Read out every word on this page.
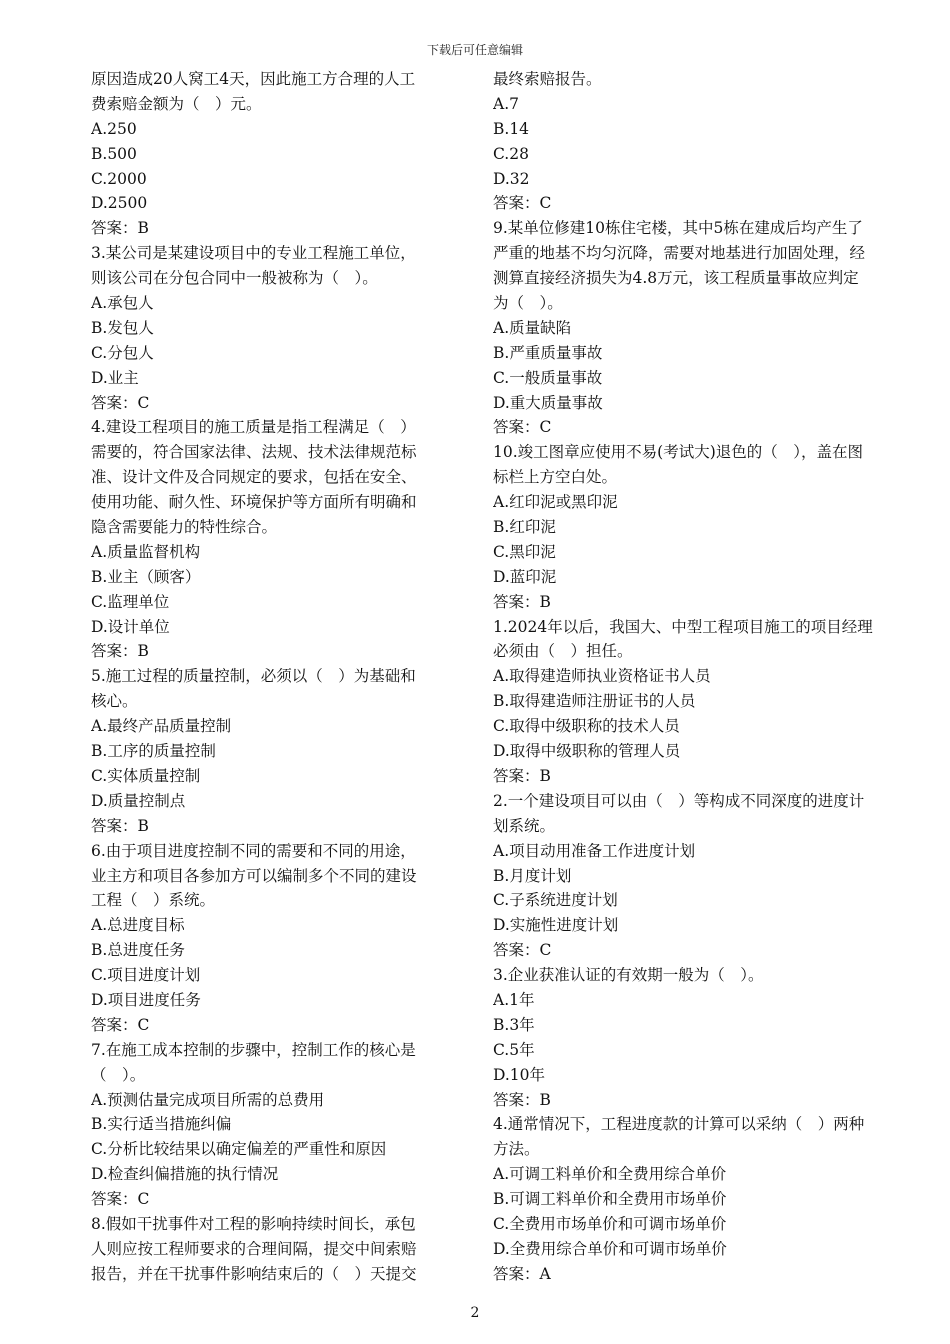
下载后可任意编辑
原因造成20人窝工4天，因此施工方合理的人工
费索赔金额为（　）元。
A.250
B.500
C.2000
D.2500
答案：B
3.某公司是某建设项目中的专业工程施工单位，
则该公司在分包合同中一般被称为（　）。
A.承包人
B.发包人
C.分包人
D.业主
答案：C
4.建设工程项目的施工质量是指工程满足（　）
需要的，符合国家法律、法规、技术法律规范标
准、设计文件及合同规定的要求，包括在安全、
使用功能、耐久性、环境保护等方面所有明确和
隐含需要能力的特性综合。
A.质量监督机构
B.业主（顾客）
C.监理单位
D.设计单位
答案：B
5.施工过程的质量控制，必须以（　）为基础和
核心。
A.最终产品质量控制
B.工序的质量控制
C.实体质量控制
D.质量控制点
答案：B
6.由于项目进度控制不同的需要和不同的用途，
业主方和项目各参加方可以编制多个不同的建设
工程（　）系统。
A.总进度目标
B.总进度任务
C.项目进度计划
D.项目进度任务
答案：C
7.在施工成本控制的步骤中，控制工作的核心是
（　）。
A.预测估量完成项目所需的总费用
B.实行适当措施纠偏
C.分析比较结果以确定偏差的严重性和原因
D.检查纠偏措施的执行情况
答案：C
8.假如干扰事件对工程的影响持续时间长，承包
人则应按工程师要求的合理间隔，提交中间索赔
报告，并在干扰事件影响结束后的（　）天提交
最终索赔报告。
A.7
B.14
C.28
D.32
答案：C
9.某单位修建10栋住宅楼，其中5栋在建成后均产生了
严重的地基不均匀沉降，需要对地基进行加固处理，经
测算直接经济损失为4.8万元，该工程质量事故应判定
为（　）。
A.质量缺陷
B.严重质量事故
C.一般质量事故
D.重大质量事故
答案：C
10.竣工图章应使用不易(考试大)退色的（　），盖在图
标栏上方空白处。
A.红印泥或黑印泥
B.红印泥
C.黑印泥
D.蓝印泥
答案：B
1.2024年以后，我国大、中型工程项目施工的项目经理
必须由（　）担任。
A.取得建造师执业资格证书人员
B.取得建造师注册证书的人员
C.取得中级职称的技术人员
D.取得中级职称的管理人员
答案：B
2.一个建设项目可以由（　）等构成不同深度的进度计
划系统。
A.项目动用准备工作进度计划
B.月度计划
C.子系统进度计划
D.实施性进度计划
答案：C
3.企业获准认证的有效期一般为（　）。
A.1年
B.3年
C.5年
D.10年
答案：B
4.通常情况下，工程进度款的计算可以采纳（　）两种
方法。
A.可调工料单价和全费用综合单价
B.可调工料单价和全费用市场单价
C.全费用市场单价和可调市场单价
D.全费用综合单价和可调市场单价
答案：A
2
